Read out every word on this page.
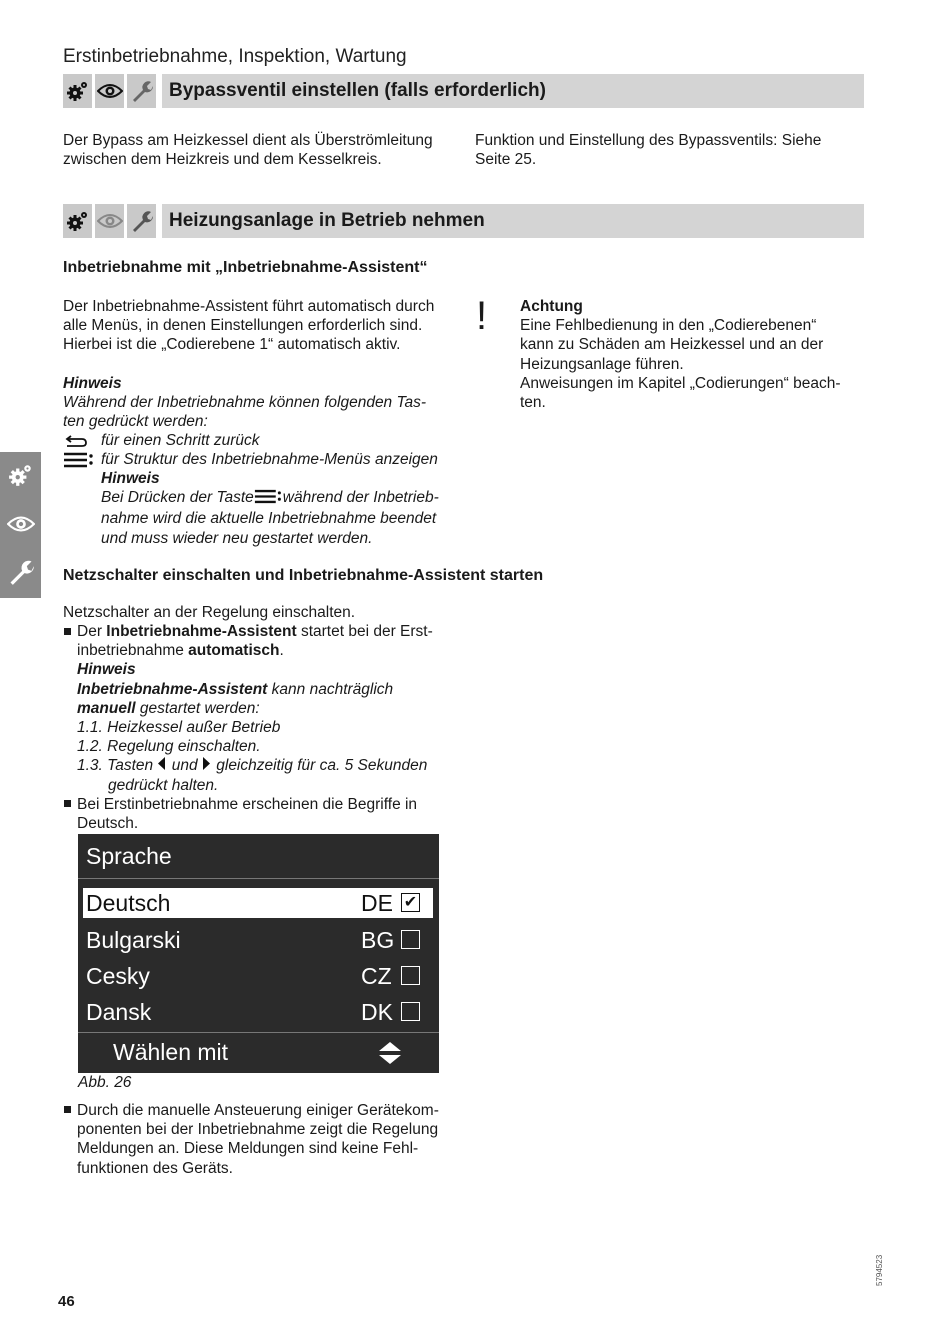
Erstinbetriebnahme, Inspektion, Wartung
Bypassventil einstellen (falls erforderlich)
Der Bypass am Heizkessel dient als Überströmleitung
zwischen dem Heizkreis und dem Kesselkreis.
Funktion und Einstellung des Bypassventils: Siehe
Seite 25.
Heizungsanlage in Betrieb nehmen
Inbetriebnahme mit „Inbetriebnahme-Assistent“
Der Inbetriebnahme-Assistent führt automatisch durch
alle Menüs, in denen Einstellungen erforderlich sind.
Hierbei ist die „Codierebene 1“ automatisch aktiv.
Hinweis
Während der Inbetriebnahme können folgenden Tas-
ten gedrückt werden:
für einen Schritt zurück
für Struktur des Inbetriebnahme-Menüs anzeigen
Hinweis
Bei Drücken der Taste während der Inbetrieb-
nahme wird die aktuelle Inbetriebnahme beendet
und muss wieder neu gestartet werden.
! Achtung
Eine Fehlbedienung in den „Codierebenen“
kann zu Schäden am Heizkessel und an der
Heizungsanlage führen.
Anweisungen im Kapitel „Codierungen“ beach-
ten.
Netzschalter einschalten und Inbetriebnahme-Assistent starten
Netzschalter an der Regelung einschalten.
Der Inbetriebnahme-Assistent startet bei der Erst-
inbetriebnahme automatisch.
Hinweis
Inbetriebnahme-Assistent kann nachträglich
manuell gestartet werden:
1.1. Heizkessel außer Betrieb
1.2. Regelung einschalten.
1.3. Tasten und gleichzeitig für ca. 5 Sekunden
gedrückt halten.
Bei Erstinbetriebnahme erscheinen die Begriffe in
Deutsch.
Sprache
Deutsch	DE ✔
Bulgarski	BG
Cesky	CZ
Dansk	DK
Wählen mit
Abb. 26
Durch die manuelle Ansteuerung einiger Gerätekom-
ponenten bei der Inbetriebnahme zeigt die Regelung
Meldungen an. Diese Meldungen sind keine Fehl-
funktionen des Geräts.
46
5794523
